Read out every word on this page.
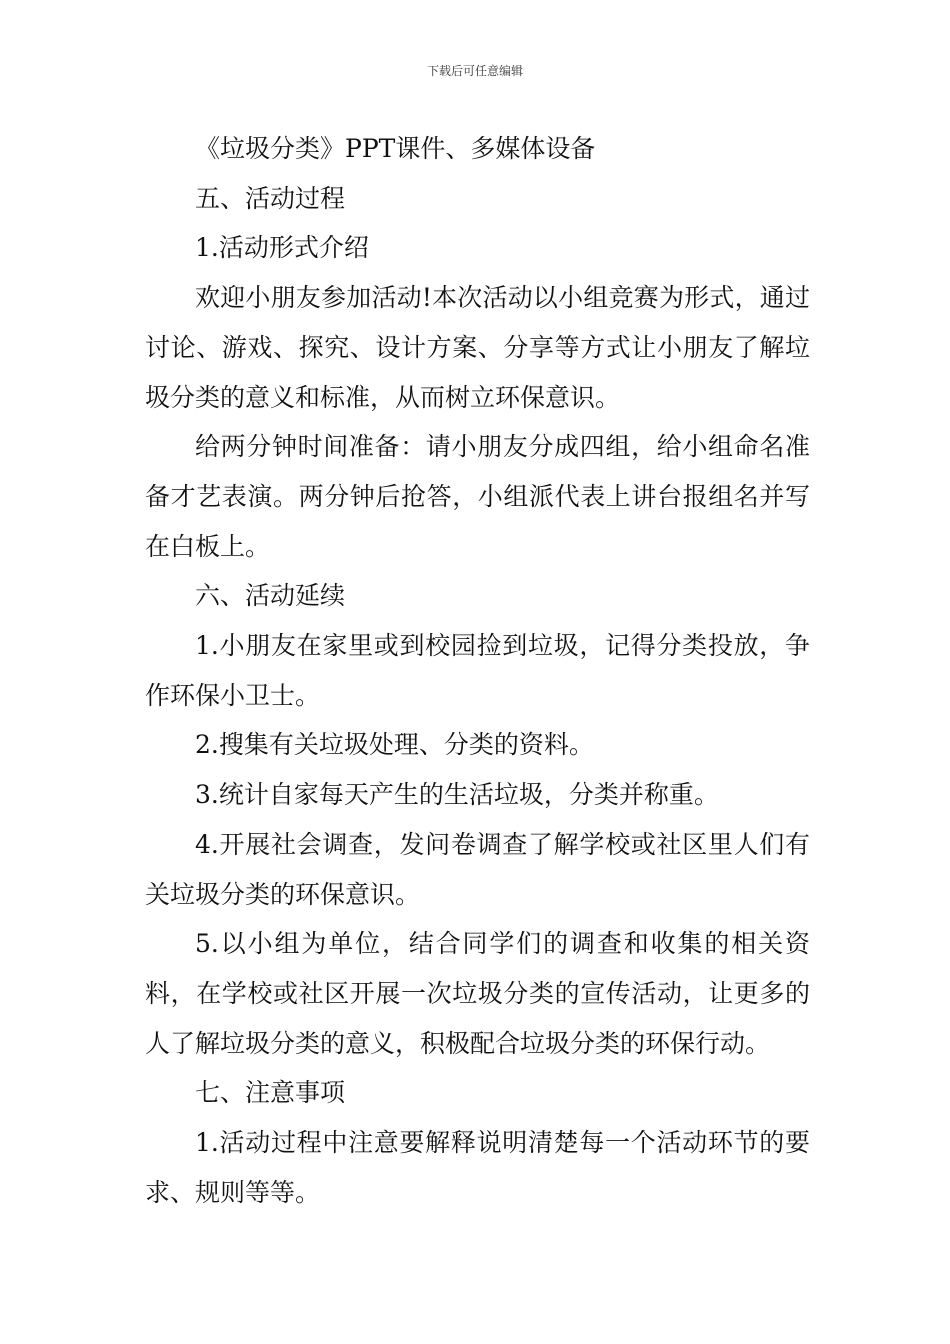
下载后可任意编辑

《垃圾分类》PPT课件、多媒体设备

五、活动过程

1.活动形式介绍

欢迎小朋友参加活动!本次活动以小组竞赛为形式，通过讨论、游戏、探究、设计方案、分享等方式让小朋友了解垃圾分类的意义和标准，从而树立环保意识。

给两分钟时间准备：请小朋友分成四组，给小组命名准备才艺表演。两分钟后抢答，小组派代表上讲台报组名并写在白板上。

六、活动延续

1.小朋友在家里或到校园捡到垃圾，记得分类投放，争作环保小卫士。

2.搜集有关垃圾处理、分类的资料。

3.统计自家每天产生的生活垃圾，分类并称重。

4.开展社会调查，发问卷调查了解学校或社区里人们有关垃圾分类的环保意识。

5.以小组为单位，结合同学们的调查和收集的相关资料，在学校或社区开展一次垃圾分类的宣传活动，让更多的人了解垃圾分类的意义，积极配合垃圾分类的环保行动。

七、注意事项

1.活动过程中注意要解释说明清楚每一个活动环节的要求、规则等等。
